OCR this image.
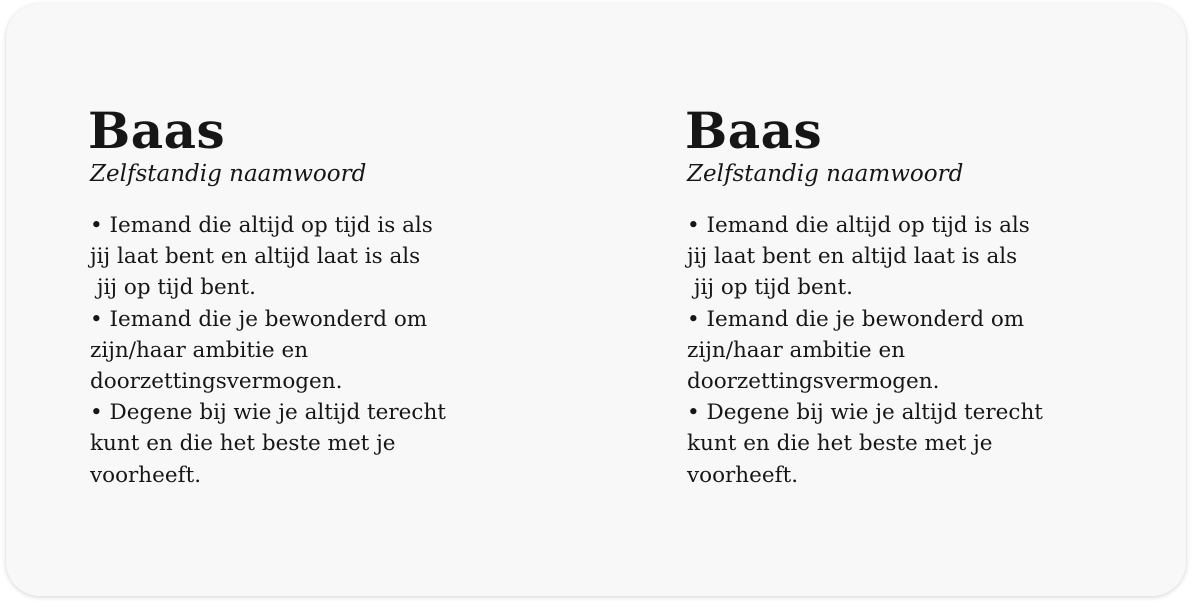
Baas

Zelfstandig naamwoord

• Iemand die altijd op tijd is als
jij laat bent en altijd laat is als
jij op tijd bent.
• Iemand die je bewonderd om
zijn/haar ambitie en
doorzettingsvermogen.
• Degene bij wie je altijd terecht
kunt en die het beste met je
voorheeft.
Baas

Zelfstandig naamwoord

• Iemand die altijd op tijd is als
jij laat bent en altijd laat is als
jij op tijd bent.
• Iemand die je bewonderd om
zijn/haar ambitie en
doorzettingsvermogen.
• Degene bij wie je altijd terecht
kunt en die het beste met je
voorheeft.
